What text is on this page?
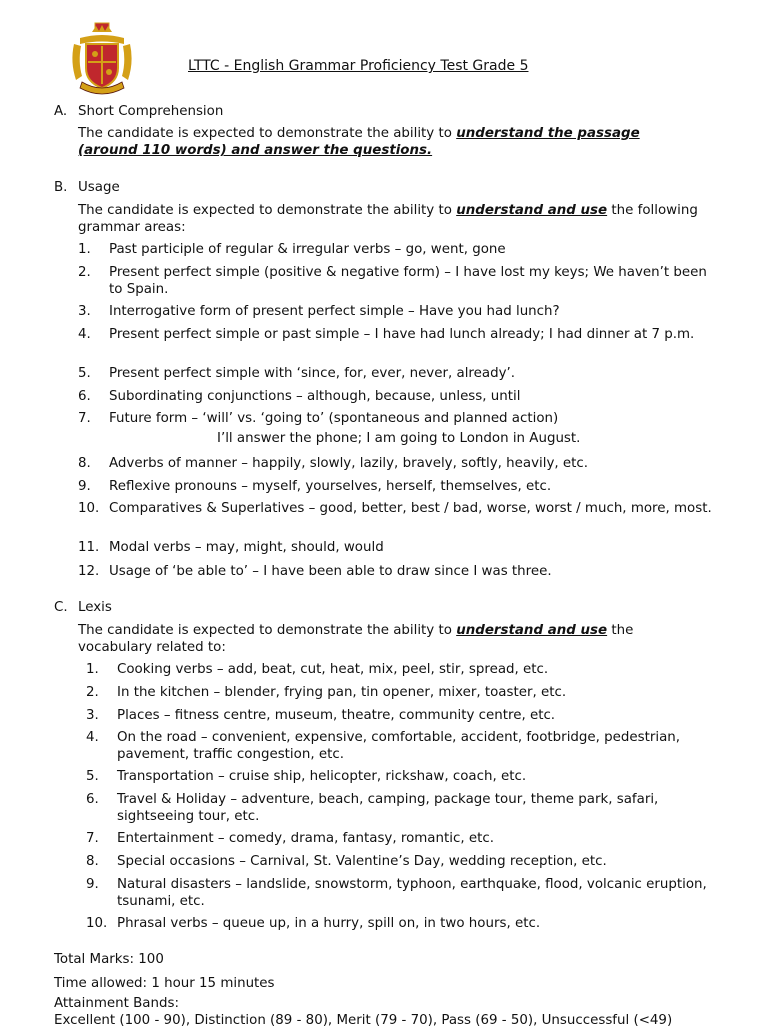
LTTC - English Grammar Proficiency Test Grade 5
A. Short Comprehension
The candidate is expected to demonstrate the ability to understand the passage
(around 110 words) and answer the questions.
B. Usage
The candidate is expected to demonstrate the ability to understand and use the following grammar areas:
1. Past participle of regular & irregular verbs – go, went, gone
2. Present perfect simple (positive & negative form) – I have lost my keys; We haven’t been to Spain.
3. Interrogative form of present perfect simple – Have you had lunch?
4. Present perfect simple or past simple – I have had lunch already; I had dinner at 7 p.m.
5. Present perfect simple with ‘since, for, ever, never, already’.
6. Subordinating conjunctions – although, because, unless, until
7. Future form – ‘will’ vs. ‘going to’ (spontaneous and planned action)
I’ll answer the phone; I am going to London in August.
8. Adverbs of manner – happily, slowly, lazily, bravely, softly, heavily, etc.
9. Reflexive pronouns – myself, yourselves, herself, themselves, etc.
10. Comparatives & Superlatives – good, better, best / bad, worse, worst / much, more, most.
11. Modal verbs – may, might, should, would
12. Usage of ‘be able to’ – I have been able to draw since I was three.
C. Lexis
The candidate is expected to demonstrate the ability to understand and use the vocabulary related to:
1. Cooking verbs – add, beat, cut, heat, mix, peel, stir, spread, etc.
2. In the kitchen – blender, frying pan, tin opener, mixer, toaster, etc.
3. Places – fitness centre, museum, theatre, community centre, etc.
4. On the road – convenient, expensive, comfortable, accident, footbridge, pedestrian, pavement, traffic congestion, etc.
5. Transportation – cruise ship, helicopter, rickshaw, coach, etc.
6. Travel & Holiday – adventure, beach, camping, package tour, theme park, safari, sightseeing tour, etc.
7. Entertainment – comedy, drama, fantasy, romantic, etc.
8. Special occasions – Carnival, St. Valentine’s Day, wedding reception, etc.
9. Natural disasters – landslide, snowstorm, typhoon, earthquake, flood, volcanic eruption, tsunami, etc.
10. Phrasal verbs – queue up, in a hurry, spill on, in two hours, etc.
Total Marks: 100
Time allowed: 1 hour 15 minutes
Attainment Bands:
Excellent (100 - 90), Distinction (89 - 80), Merit (79 - 70), Pass (69 - 50), Unsuccessful (<49)
